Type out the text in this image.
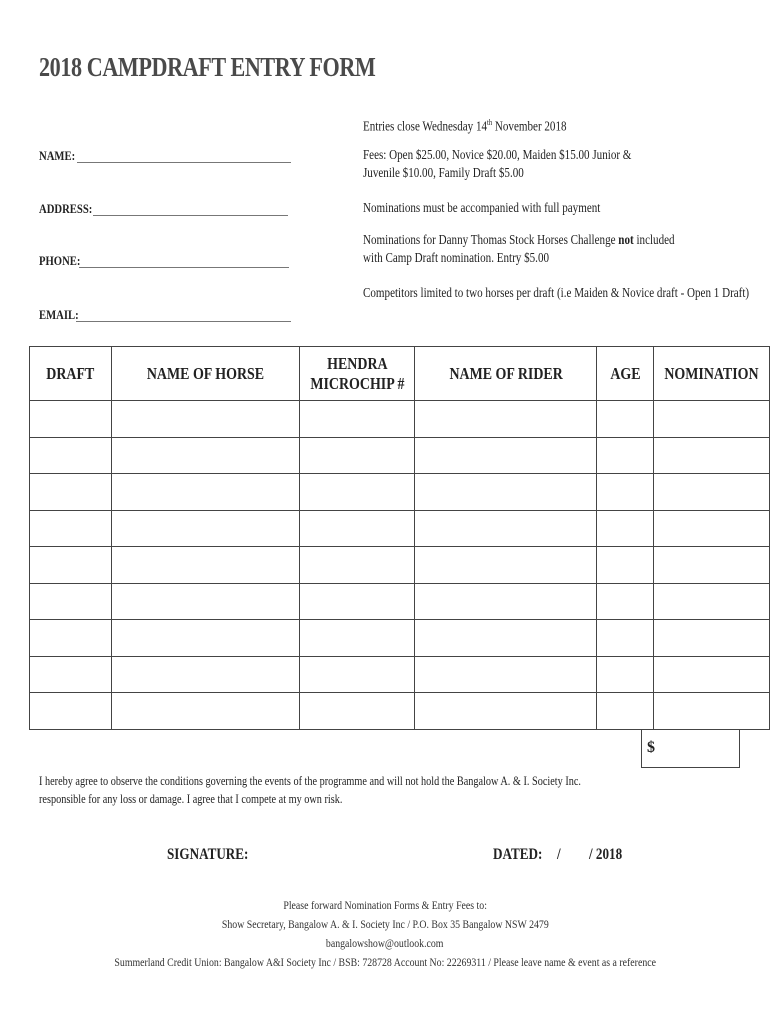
2018 CAMPDRAFT ENTRY FORM
NAME:
ADDRESS:
PHONE:
EMAIL:
Entries close Wednesday 14th November 2018
Fees: Open $25.00, Novice $20.00, Maiden $15.00 Junior &
Juvenile $10.00, Family Draft $5.00
Nominations must be accompanied with full payment
Nominations for Danny Thomas Stock Horses Challenge not included
with Camp Draft nomination. Entry $5.00
Competitors limited to two horses per draft (i.e Maiden & Novice draft - Open 1 Draft)
DRAFT	NAME OF HORSE	HENDRA
MICROCHIP #	NAME OF RIDER	AGE	NOMINATION

$
I hereby agree to observe the conditions governing the events of the programme and will not hold the Bangalow A. & I. Society Inc.
responsible for any loss or damage. I agree that I compete at my own risk.
SIGNATURE:	DATED: / / 2018
Please forward Nomination Forms & Entry Fees to:
Show Secretary, Bangalow A. & I. Society Inc / P.O. Box 35 Bangalow NSW 2479
bangalowshow@outlook.com
Summerland Credit Union: Bangalow A&I Society Inc / BSB: 728728 Account No: 22269311 / Please leave name & event as a reference
